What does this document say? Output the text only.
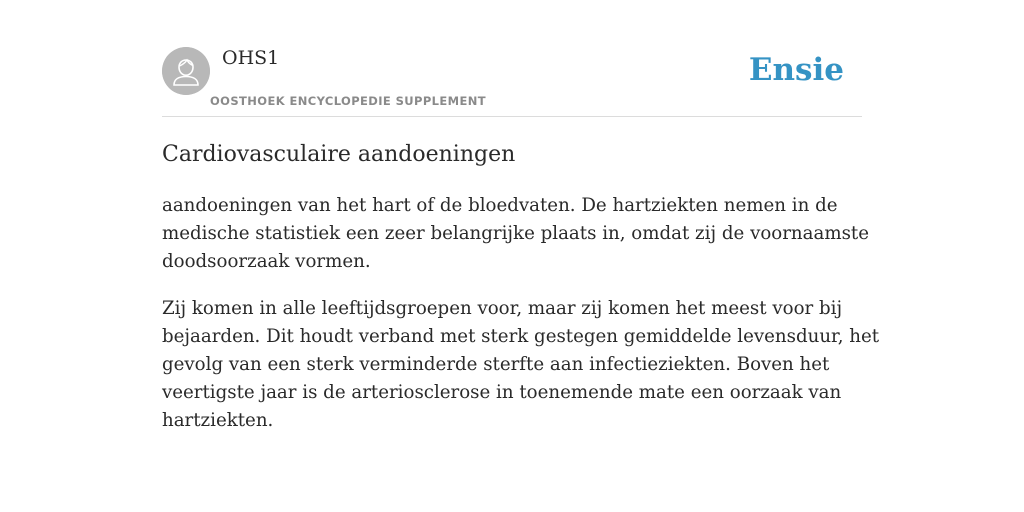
OHS1
OOSTHOEK ENCYCLOPEDIE SUPPLEMENT
Ensie
Cardiovasculaire aandoeningen

aandoeningen van het hart of de bloedvaten. De hartziekten nemen in de
medische statistiek een zeer belangrijke plaats in, omdat zij de voornaamste
doodsoorzaak vormen.

Zij komen in alle leeftijdsgroepen voor, maar zij komen het meest voor bij
bejaarden. Dit houdt verband met sterk gestegen gemiddelde levensduur, het
gevolg van een sterk verminderde sterfte aan infectieziekten. Boven het
veertigste jaar is de arteriosclerose in toenemende mate een oorzaak van
hartziekten.
